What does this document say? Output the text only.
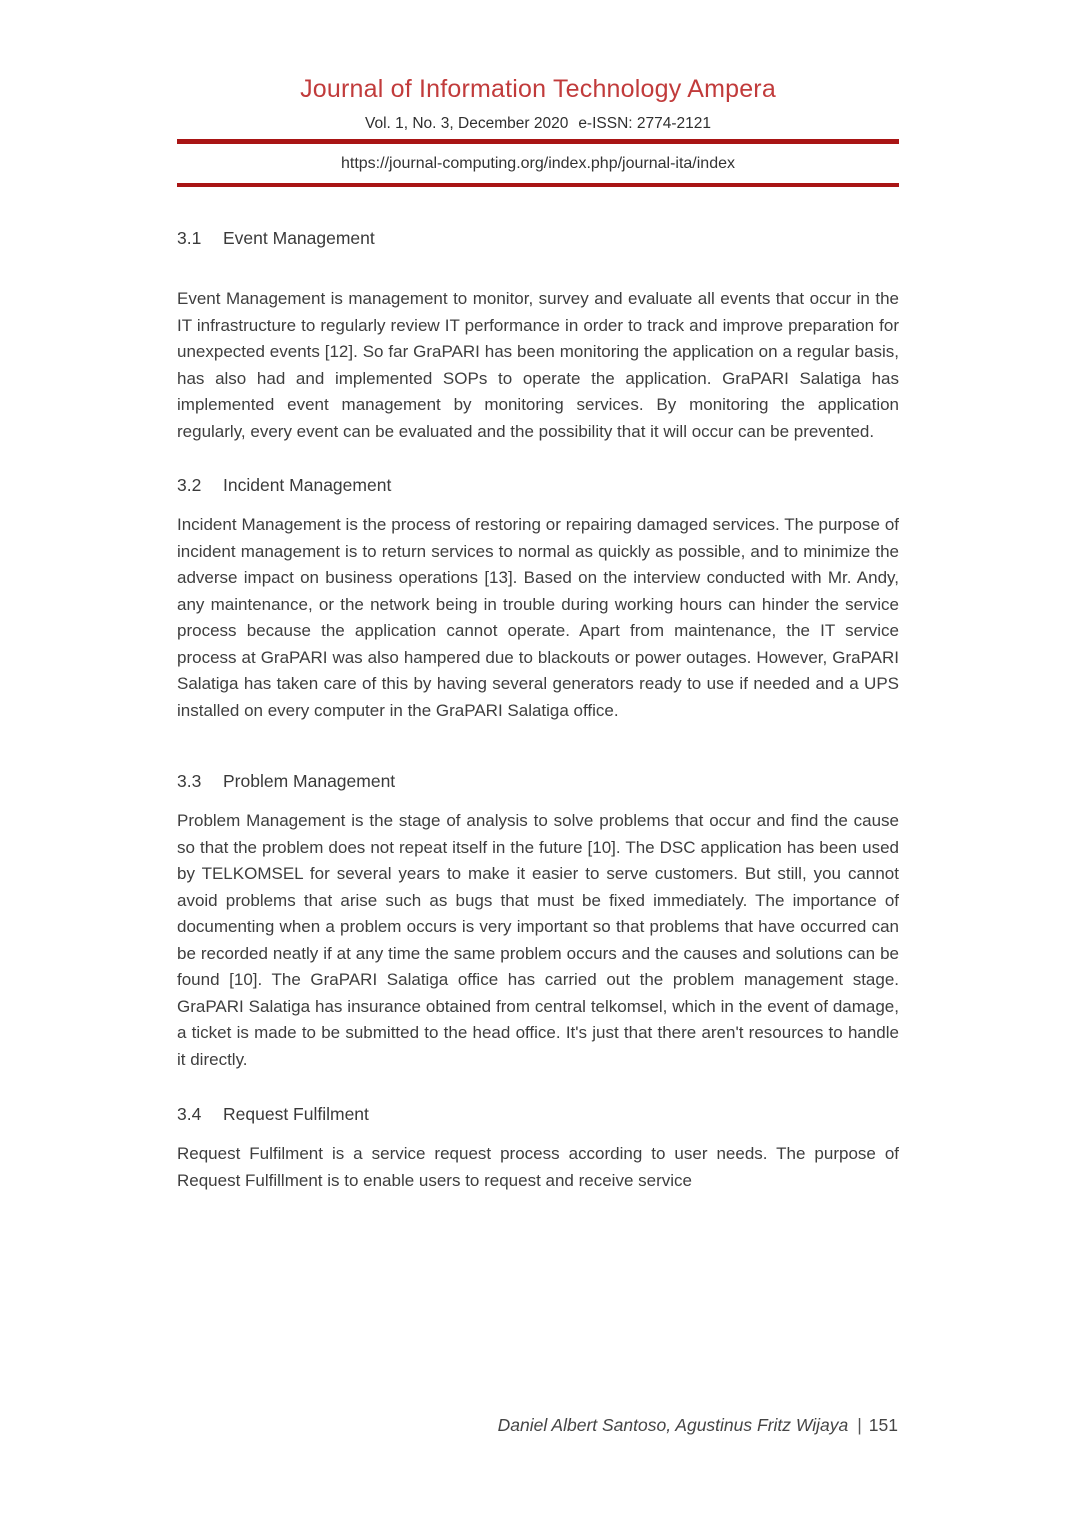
Journal of Information Technology Ampera
Vol. 1, No. 3, December 2020 e-ISSN: 2774-2121
https://journal-computing.org/index.php/journal-ita/index
3.1 Event Management

Event Management is management to monitor, survey and evaluate all events that occur in the IT infrastructure to regularly review IT performance in order to track and improve preparation for unexpected events [12]. So far GraPARI has been monitoring the application on a regular basis, has also had and implemented SOPs to operate the application. GraPARI Salatiga has implemented event management by monitoring services. By monitoring the application regularly, every event can be evaluated and the possibility that it will occur can be prevented.

3.2 Incident Management

Incident Management is the process of restoring or repairing damaged services. The purpose of incident management is to return services to normal as quickly as possible, and to minimize the adverse impact on business operations [13]. Based on the interview conducted with Mr. Andy, any maintenance, or the network being in trouble during working hours can hinder the service process because the application cannot operate. Apart from maintenance, the IT service process at GraPARI was also hampered due to blackouts or power outages. However, GraPARI Salatiga has taken care of this by having several generators ready to use if needed and a UPS installed on every computer in the GraPARI Salatiga office.

3.3 Problem Management

Problem Management is the stage of analysis to solve problems that occur and find the cause so that the problem does not repeat itself in the future [10]. The DSC application has been used by TELKOMSEL for several years to make it easier to serve customers. But still, you cannot avoid problems that arise such as bugs that must be fixed immediately. The importance of documenting when a problem occurs is very important so that problems that have occurred can be recorded neatly if at any time the same problem occurs and the causes and solutions can be found [10]. The GraPARI Salatiga office has carried out the problem management stage. GraPARI Salatiga has insurance obtained from central telkomsel, which in the event of damage, a ticket is made to be submitted to the head office. It's just that there aren't resources to handle it directly.

3.4 Request Fulfilment

Request Fulfilment is a service request process according to user needs. The purpose of Request Fulfillment is to enable users to request and receive service

Daniel Albert Santoso, Agustinus Fritz Wijaya | 151
